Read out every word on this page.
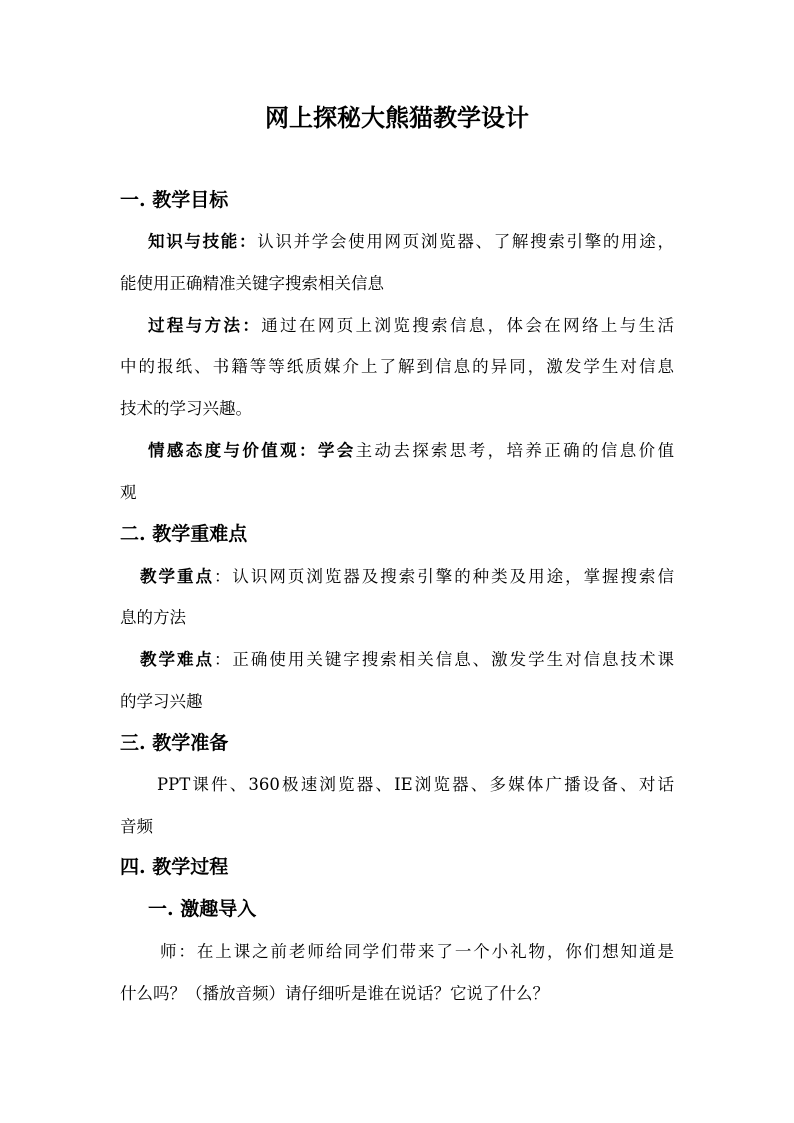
网上探秘大熊猫教学设计
一. 教学目标
知识与技能：认识并学会使用网页浏览器、了解搜索引擎的用途，
能使用正确精准关键字搜索相关信息
过程与方法：通过在网页上浏览搜索信息，体会在网络上与生活
中的报纸、书籍等等纸质媒介上了解到信息的异同，激发学生对信息
技术的学习兴趣。
情感态度与价值观：学会主动去探索思考，培养正确的信息价值
观
二. 教学重难点
教学重点：认识网页浏览器及搜索引擎的种类及用途，掌握搜索信
息的方法
教学难点：正确使用关键字搜索相关信息、激发学生对信息技术课
的学习兴趣
三. 教学准备
PPT课件、360极速浏览器、IE浏览器、多媒体广播设备、对话
音频
四. 教学过程
一. 激趣导入
师：在上课之前老师给同学们带来了一个小礼物，你们想知道是
什么吗？（播放音频）请仔细听是谁在说话？它说了什么？
